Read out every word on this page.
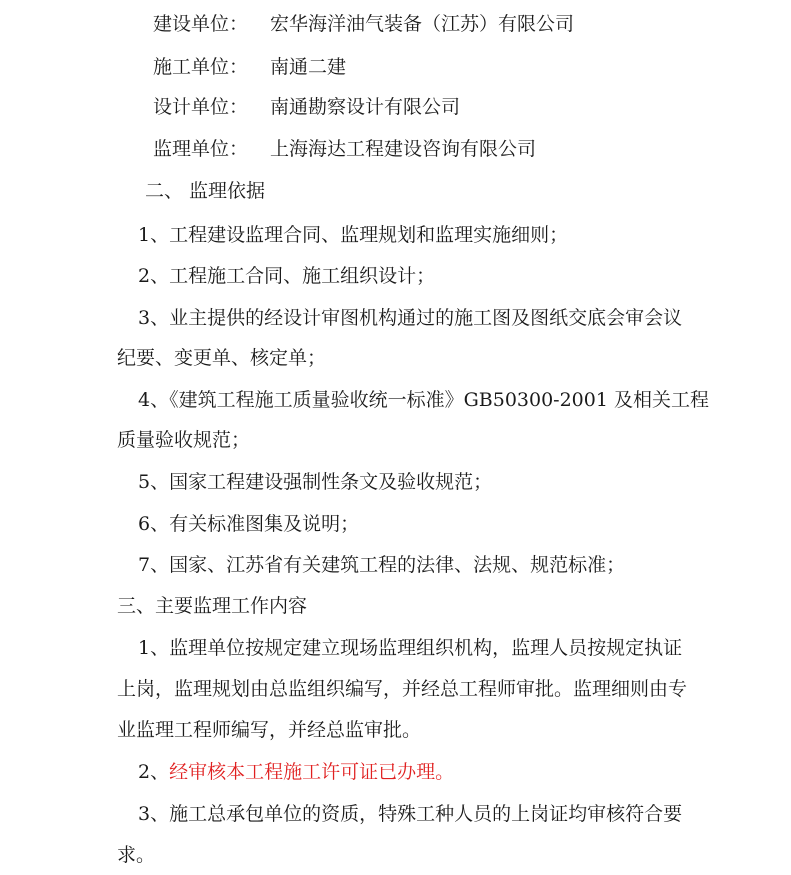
建设单位： 宏华海洋油气装备（江苏）有限公司
施工单位： 南通二建
设计单位： 南通勘察设计有限公司
监理单位： 上海海达工程建设咨询有限公司
二、 监理依据
1、工程建设监理合同、监理规划和监理实施细则；
2、工程施工合同、施工组织设计；
3、业主提供的经设计审图机构通过的施工图及图纸交底会审会议
纪要、变更单、核定单；
4、《建筑工程施工质量验收统一标准》GB50300-2001 及相关工程
质量验收规范；
5、国家工程建设强制性条文及验收规范；
6、有关标准图集及说明；
7、国家、江苏省有关建筑工程的法律、法规、规范标准；
三、主要监理工作内容
1、监理单位按规定建立现场监理组织机构，监理人员按规定执证
上岗，监理规划由总监组织编写，并经总工程师审批。监理细则由专
业监理工程师编写，并经总监审批。
2、经审核本工程施工许可证已办理。
3、施工总承包单位的资质，特殊工种人员的上岗证均审核符合要
求。
